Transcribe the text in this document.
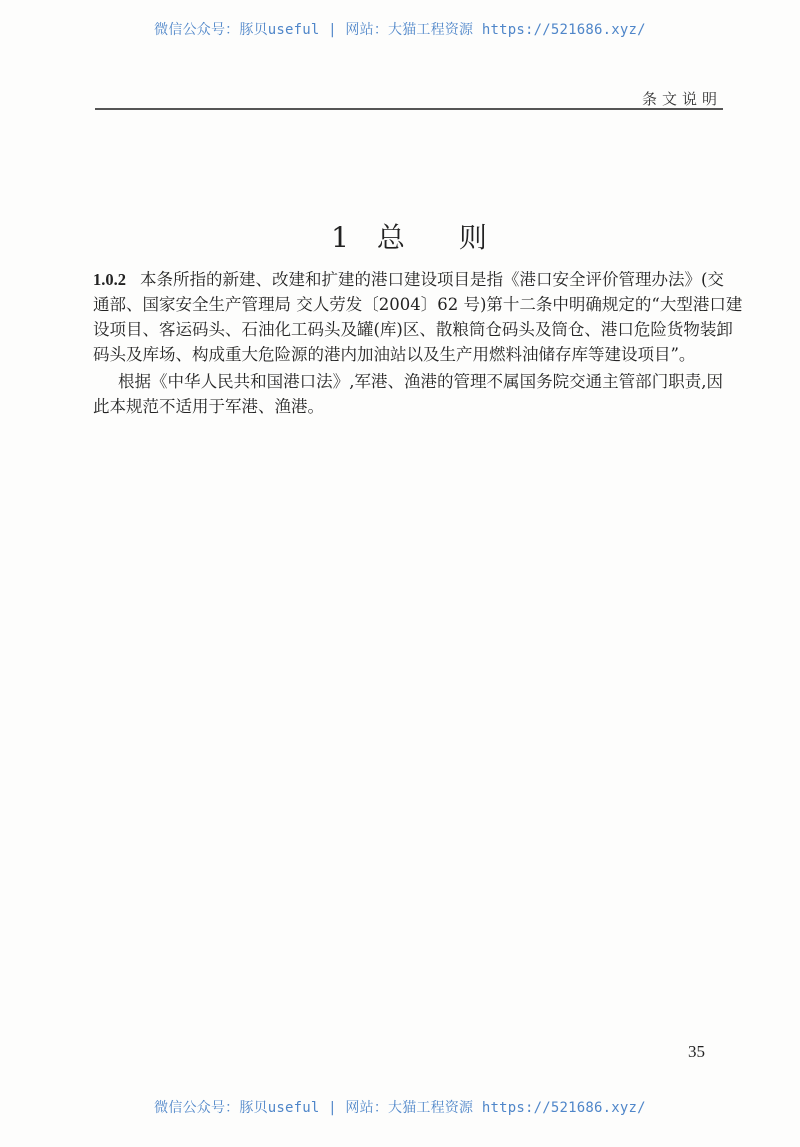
微信公众号：豚贝useful | 网站：大猫工程资源 https://521686.xyz/
条文说明
1 总 则
1.0.2 本条所指的新建、改建和扩建的港口建设项目是指《港口安全评价管理办法》(交
通部、国家安全生产管理局 交人劳发〔2004〕62 号)第十二条中明确规定的“大型港口建
设项目、客运码头、石油化工码头及罐(库)区、散粮筒仓码头及筒仓、港口危险货物装卸
码头及库场、构成重大危险源的港内加油站以及生产用燃料油储存库等建设项目”。
根据《中华人民共和国港口法》,军港、渔港的管理不属国务院交通主管部门职责,因
此本规范不适用于军港、渔港。
35
微信公众号：豚贝useful | 网站：大猫工程资源 https://521686.xyz/
